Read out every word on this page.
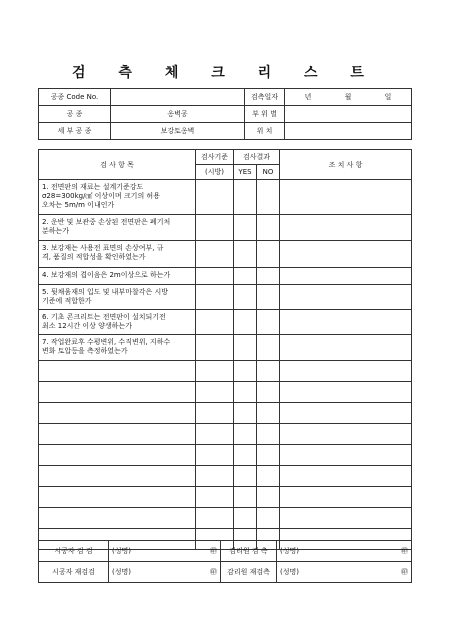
검 측 체 크 리 스 트
공종 Code No.		검측일자	년 월 일

공 종	옹벽공	부 위 별	
세 부 공 종	보강토옹벽	위 치	
검 사 항 목	검사기준	검사결과		조 치 사 항
	(시방)	YES	NO	
1. 전면판의 재료는 설계기준강도
σ28=300kg/㎠ 이상이며 크기의 허용
오차는 5m/m 이내인가				
2. 운반 및 보관중 손상된 전면판은 폐기처
분하는가				
3. 보강재는 사용전 표면의 손상여부, 규
격, 품질의 적합성을 확인하였는가				
4. 보강재의 겹이음은 2m이상으로 하는가				
5. 뒷채움재의 입도 및 내부마찰각은 시방
기준에 적합한가				
6. 기초 콘크리트는 전면판이 설치되기전
최소 12시간 이상 양생하는가				
7. 작업완료후 수평변위, 수직변위, 지하수
변화 토압등을 측정하였는가				

시공자 검 검	(성명) ㊞	감리원 검 측	(성명) ㊞

시공자 재검검	(성명) ㊞	감리원 재검측	(성명) ㊞
